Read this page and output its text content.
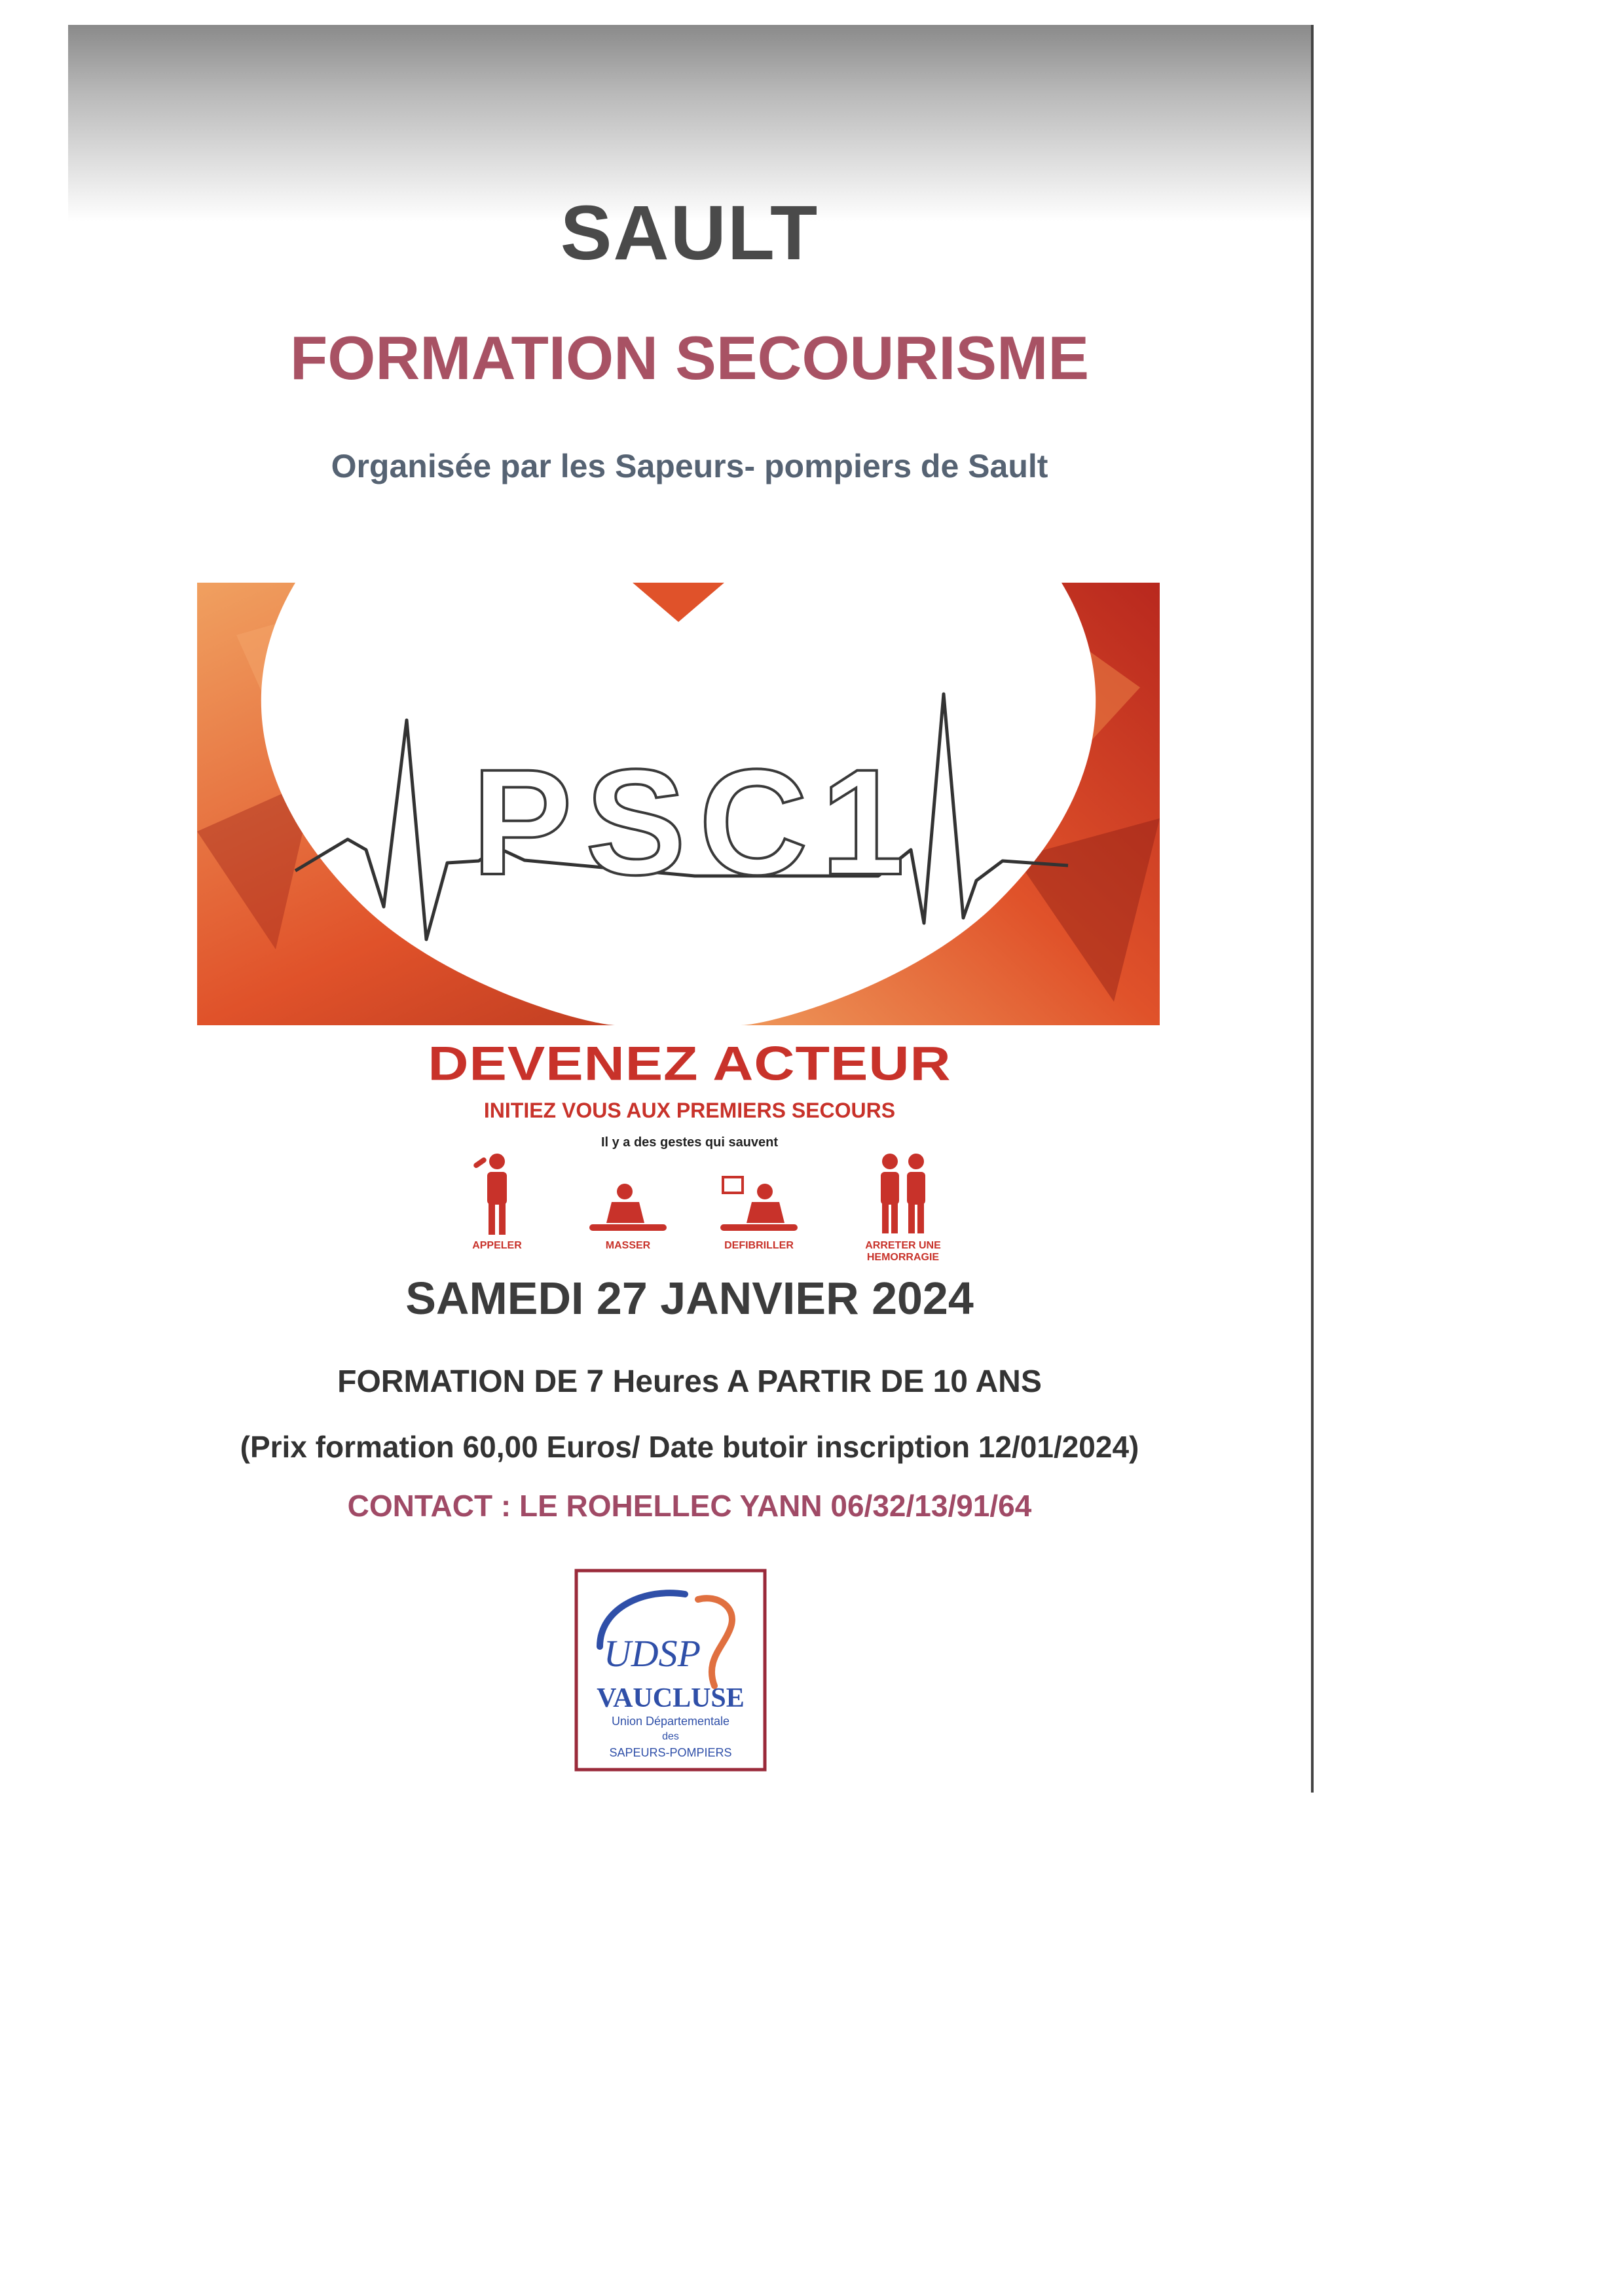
SAULT
FORMATION SECOURISME
Organisée par les Sapeurs- pompiers de Sault
PSC1
DEVENEZ ACTEUR
INITIEZ VOUS AUX PREMIERS SECOURS
Il y a des gestes qui sauvent
APPELER	MASSER	DEFIBRILLER	ARRETER UNE HEMORRAGIE
SAMEDI 27 JANVIER 2024
FORMATION DE 7 Heures A PARTIR DE 10 ANS
(Prix formation 60,00 Euros/ Date butoir inscription 12/01/2024)
CONTACT : LE ROHELLEC YANN 06/32/13/91/64
UDSP
VAUCLUSE
Union Départementale
des
SAPEURS-POMPIERS
